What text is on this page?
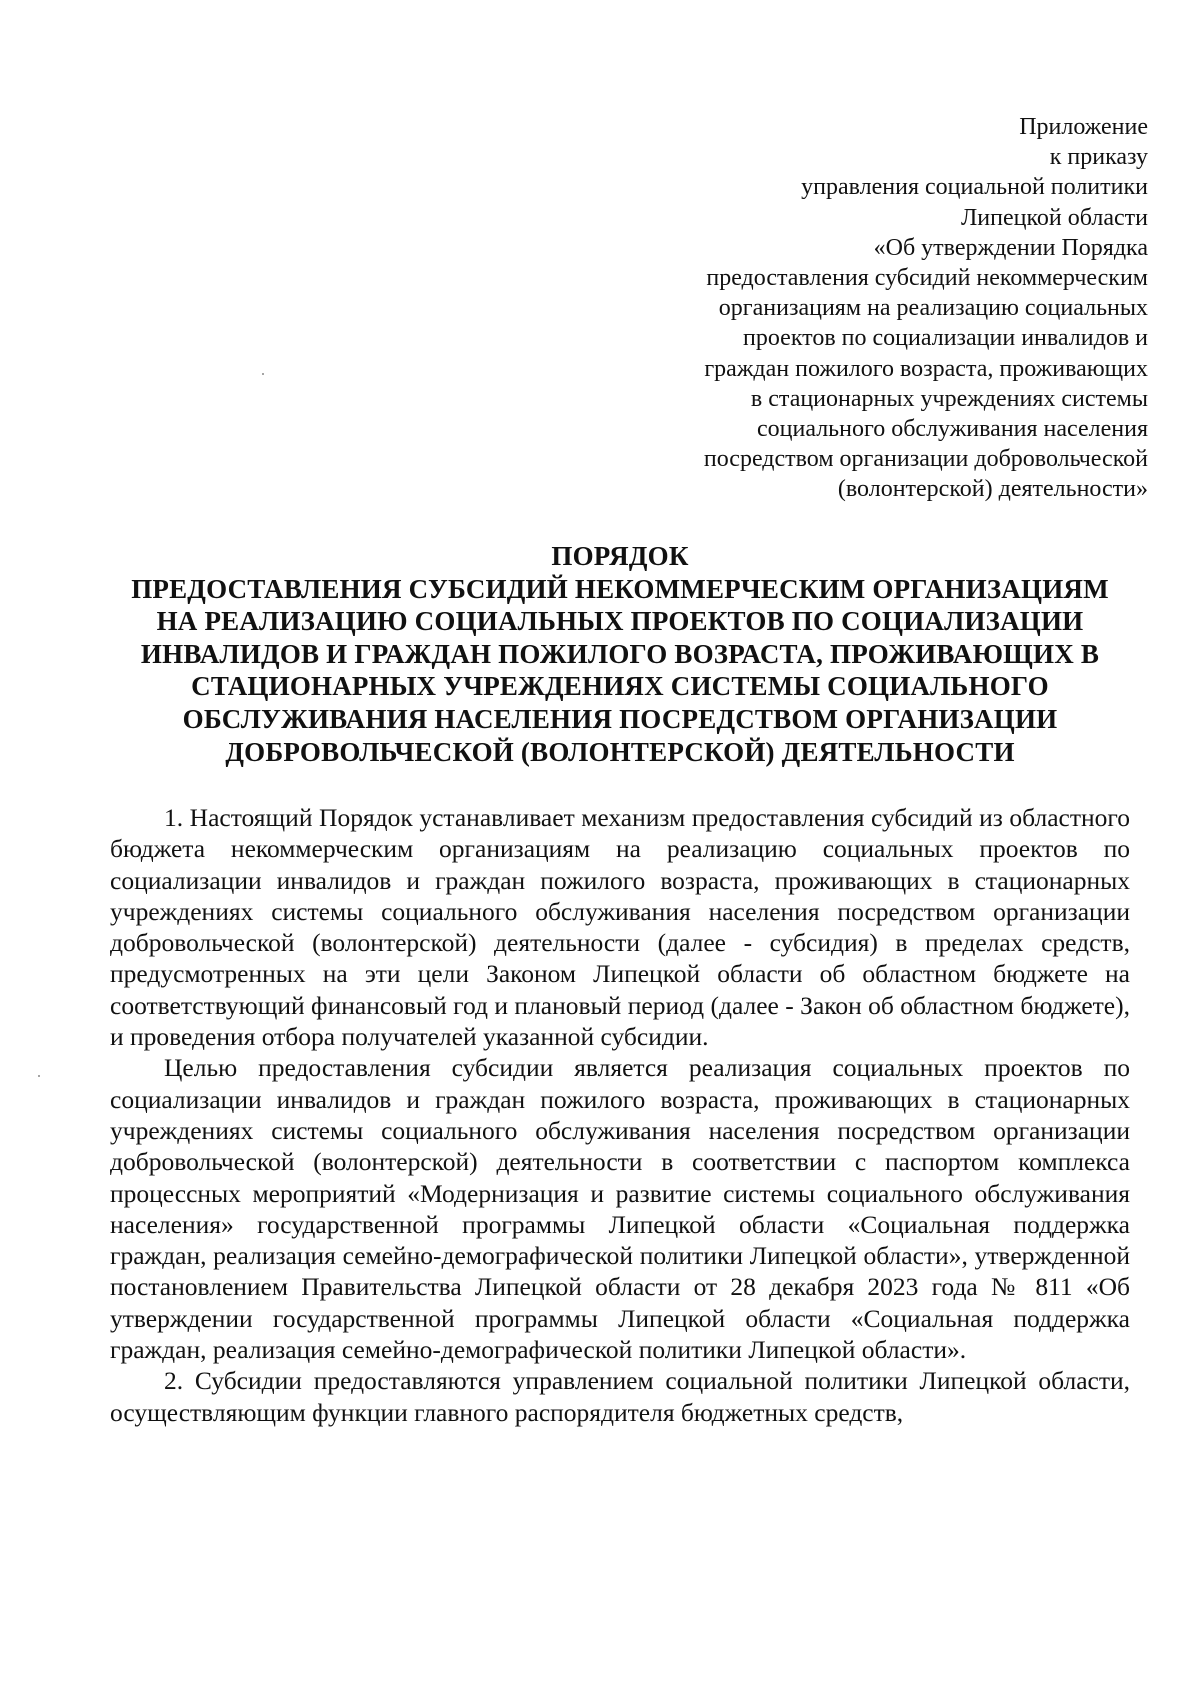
Приложение
к приказу
управления социальной политики
Липецкой области
«Об утверждении Порядка
предоставления субсидий некоммерческим
организациям на реализацию социальных
проектов по социализации инвалидов и
граждан пожилого возраста, проживающих
в стационарных учреждениях системы
социального обслуживания населения
посредством организации добровольческой
(волонтерской) деятельности»
ПОРЯДОК
ПРЕДОСТАВЛЕНИЯ СУБСИДИЙ НЕКОММЕРЧЕСКИМ ОРГАНИЗАЦИЯМ
НА РЕАЛИЗАЦИЮ СОЦИАЛЬНЫХ ПРОЕКТОВ ПО СОЦИАЛИЗАЦИИ
ИНВАЛИДОВ И ГРАЖДАН ПОЖИЛОГО ВОЗРАСТА, ПРОЖИВАЮЩИХ В
СТАЦИОНАРНЫХ УЧРЕЖДЕНИЯХ СИСТЕМЫ СОЦИАЛЬНОГО
ОБСЛУЖИВАНИЯ НАСЕЛЕНИЯ ПОСРЕДСТВОМ ОРГАНИЗАЦИИ
ДОБРОВОЛЬЧЕСКОЙ (ВОЛОНТЕРСКОЙ) ДЕЯТЕЛЬНОСТИ

1. Настоящий Порядок устанавливает механизм предоставления субсидий из областного бюджета некоммерческим организациям на реализацию социальных проектов по социализации инвалидов и граждан пожилого возраста, проживающих в стационарных учреждениях системы социального обслуживания населения посредством организации добровольческой (волонтерской) деятельности (далее - субсидия) в пределах средств, предусмотренных на эти цели Законом Липецкой области об областном бюджете на соответствующий финансовый год и плановый период (далее - Закон об областном бюджете), и проведения отбора получателей указанной субсидии.

Целью предоставления субсидии является реализация социальных проектов по социализации инвалидов и граждан пожилого возраста, проживающих в стационарных учреждениях системы социального обслуживания населения посредством организации добровольческой (волонтерской) деятельности в соответствии с паспортом комплекса процессных мероприятий «Модернизация и развитие системы социального обслуживания населения» государственной программы Липецкой области «Социальная поддержка граждан, реализация семейно-демографической политики Липецкой области», утвержденной постановлением Правительства Липецкой области от 28 декабря 2023 года № 811 «Об утверждении государственной программы Липецкой области «Социальная поддержка граждан, реализация семейно-демографической политики Липецкой области».

2. Субсидии предоставляются управлением социальной политики Липецкой области, осуществляющим функции главного распорядителя бюджетных средств,
